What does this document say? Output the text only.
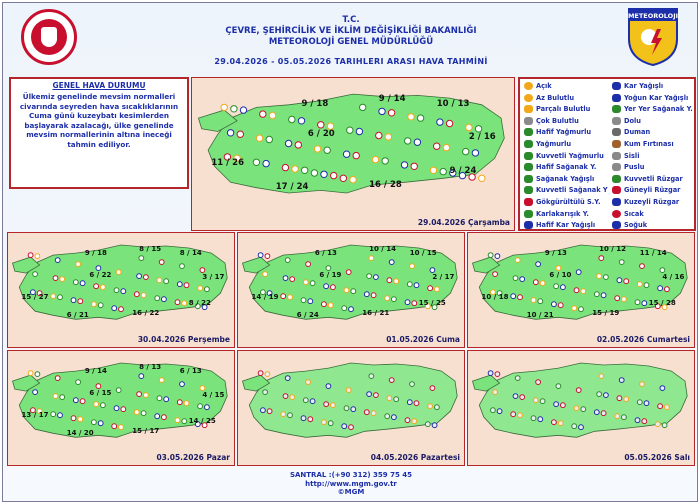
T.C.
ÇEVRE, ŞEHİRCİLİK VE İKLİM DEĞİŞİKLİĞİ BAKANLIĞI
METEOROLOJİ GENEL MÜDÜRLÜĞÜ
29.04.2026 - 05.05.2026 TARIHLERI ARASI HAVA TAHMİNİ
METEOROLOJI
GENEL HAVA DURUMU
Ülkemiz genelinde mevsim normalleri civarında seyreden hava sıcaklıklarının Cuma günü kuzeybatı kesimlerden başlayarak azalacağı, ülke genelinde mevsim normallerinin altına ineceği tahmin ediliyor.
9 / 18
9 / 14
10 / 13
6 / 20	2 / 16
11 / 26
17 / 24	16 / 28
9 / 24
29.04.2026 Çarşamba
Açık
Az Bulutlu
Parçalı Bulutlu
Çok Bulutlu
Hafif Yağmurlu
Yağmurlu
Kuvvetli Yağmurlu
Hafif Sağanak Y.
Sağanak Yağışlı
Kuvvetli Sağanak Y
Gökgürültülü S.Y.
Karlakarışık Y.
Hafif Kar Yağışlı
Kar Yağışlı
Yoğun Kar Yağışlı
Yer Yer Sağanak Y.
Dolu
Duman
Kum Fırtınası
Sisli
Puslu
Kuvvetli Rüzgar
Güneyli Rüzgar
Kuzeyli Rüzgar
Sıcak
Soğuk
9 / 18
8 / 15
8 / 14
6 / 22	3 / 17
15 / 27
6 / 21	16 / 22
8 / 22
30.04.2026 Perşembe
6 / 13
10 / 14
10 / 15
6 / 19	2 / 17
14 / 19
6 / 24	16 / 21
15 / 25
01.05.2026 Cuma
9 / 13
10 / 12
11 / 14
6 / 10	4 / 16
10 / 18
10 / 21	15 / 19
15 / 28
02.05.2026 Cumartesi
9 / 14
8 / 13
6 / 13
6 / 15	4 / 15
13 / 17
14 / 20	15 / 17
14 / 25
03.05.2026 Pazar	04.05.2026 Pazartesi	05.05.2026 Salı
SANTRAL :(+90 312) 359 75 45
http://www.mgm.gov.tr
©MGM
